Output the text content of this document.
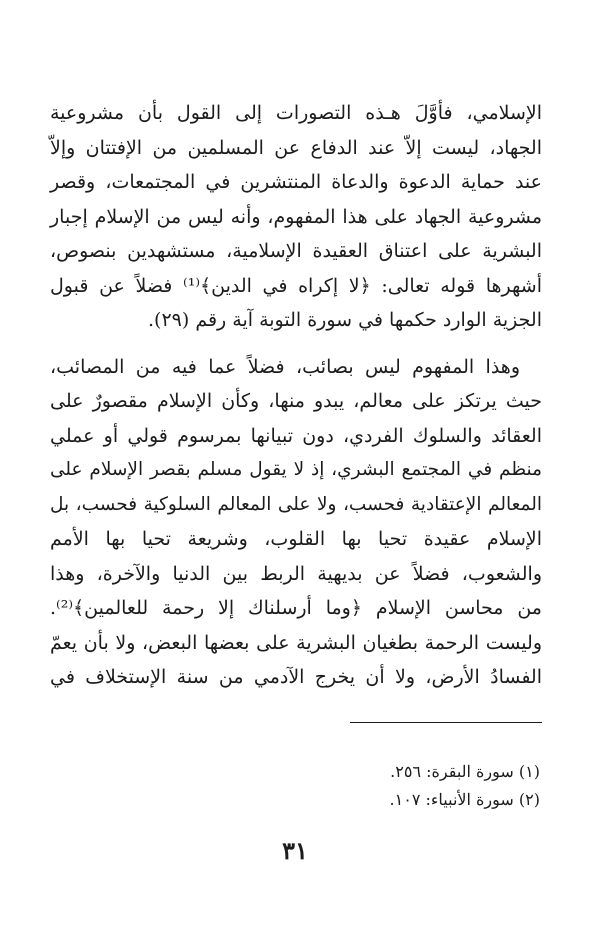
الإسلامي، فأوَّلَ هـذه التصورات إلى القول بأن مشروعية
الجهاد، ليست إلاّ عند الدفاع عن المسلمين من الإفتتان وإلاّ
عند حماية الدعوة والدعاة المنتشرين في المجتمعات، وقصر
مشروعية الجهاد على هذا المفهوم، وأنه ليس من الإسلام إجبار
البشرية على اعتناق العقيدة الإسلامية، مستشهدين بنصوص،
أشهرها قوله تعالى: ﴿لا إكراه في الدين﴾⁽¹⁾ فضلاً عن قبول
الجزية الوارد حكمها في سورة التوبة آية رقم (٢٩).
وهذا المفهوم ليس بصائب، فضلاً عما فيه من المصائب،
حيث يرتكز على معالم، يبدو منها، وكأن الإسلام مقصورٌ على
العقائد والسلوك الفردي، دون تبيانها بمرسوم قولي أو عملي
منظم في المجتمع البشري، إذ لا يقول مسلم بقصر الإسلام على
المعالم الإعتقادية فحسب، ولا على المعالم السلوكية فحسب، بل
الإسلام عقيدة تحيا بها القلوب، وشريعة تحيا بها الأمم
والشعوب، فضلاً عن بديهية الربط بين الدنيا والآخرة، وهذا
من محاسن الإسلام ﴿وما أرسلناك إلا رحمة للعالمين﴾⁽²⁾.
وليست الرحمة بطغيان البشرية على بعضها البعض، ولا بأن يعمّ
الفسادُ الأرض، ولا أن يخرج الآدمي من سنة الإستخلاف في
(١) سورة البقرة: ٢٥٦.
(٢) سورة الأنبياء: ١٠٧.
٣١
